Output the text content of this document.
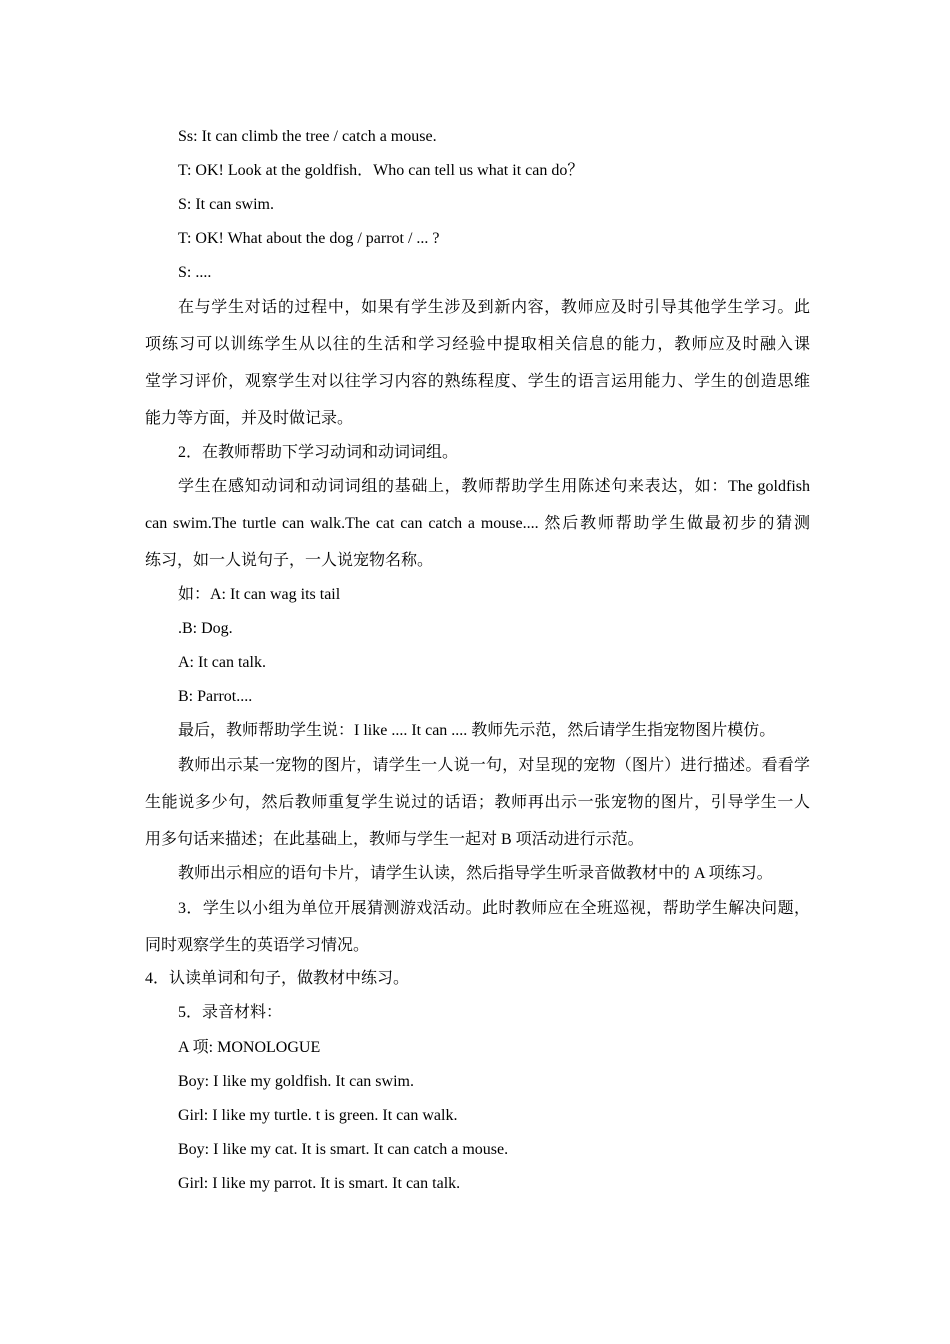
Ss: It can climb the tree / catch a mouse.
T: OK! Look at the goldfish．Who can tell us what it can do？
S: It can swim.
T: OK! What about the dog / parrot / ... ?
S: ....
在与学生对话的过程中，如果有学生涉及到新内容，教师应及时引导其他学生学习。此
项练习可以训练学生从以往的生活和学习经验中提取相关信息的能力，教师应及时融入课
堂学习评价，观察学生对以往学习内容的熟练程度、学生的语言运用能力、学生的创造思维
能力等方面，并及时做记录。
2．在教师帮助下学习动词和动词词组。
学生在感知动词和动词词组的基础上，教师帮助学生用陈述句来表达，如：The goldfish
can swim.The turtle can walk.The cat can catch a mouse.... 然后教师帮助学生做最初步的猜测
练习，如一人说句子，一人说宠物名称。
如：A: It can wag its tail
.B: Dog.
A: It can talk.
B: Parrot....
最后，教师帮助学生说：I like .... It can .... 教师先示范，然后请学生指宠物图片模仿。
教师出示某一宠物的图片，请学生一人说一句，对呈现的宠物（图片）进行描述。看看学
生能说多少句，然后教师重复学生说过的话语；教师再出示一张宠物的图片，引导学生一人
用多句话来描述；在此基础上，教师与学生一起对 B 项活动进行示范。
教师出示相应的语句卡片，请学生认读，然后指导学生听录音做教材中的 A 项练习。
3．学生以小组为单位开展猜测游戏活动。此时教师应在全班巡视，帮助学生解决问题，
同时观察学生的英语学习情况。
4．认读单词和句子，做教材中练习。
5．录音材料：
A 项: MONOLOGUE
Boy: I like my goldfish. It can swim.
Girl: I like my turtle. t is green. It can walk.
Boy: I like my cat. It is smart. It can catch a mouse.
Girl: I like my parrot. It is smart. It can talk.
